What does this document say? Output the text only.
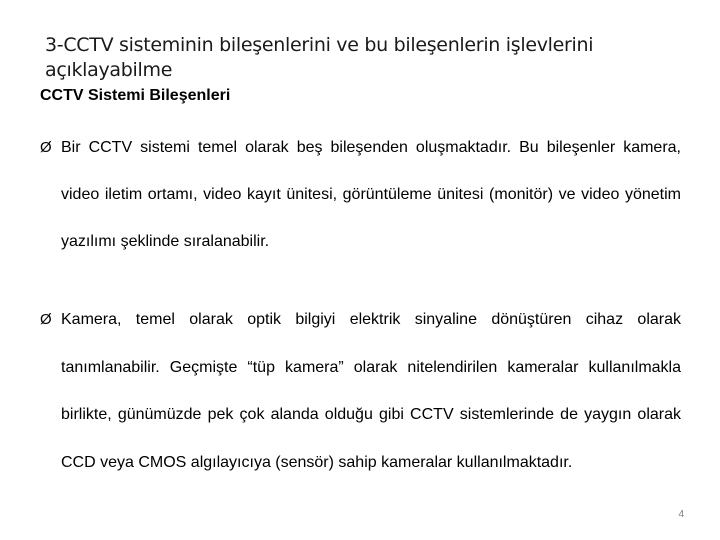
3-CCTV sisteminin bileşenlerini ve bu bileşenlerin işlevlerini açıklayabilme
CCTV Sistemi Bileşenleri
Ø Bir CCTV sistemi temel olarak beş bileşenden oluşmaktadır. Bu bileşenler kamera, video iletim ortamı, video kayıt ünitesi, görüntüleme ünitesi (monitör) ve video yönetim yazılımı şeklinde sıralanabilir.
Ø Kamera, temel olarak optik bilgiyi elektrik sinyaline dönüştüren cihaz olarak tanımlanabilir. Geçmişte “tüp kamera” olarak nitelendirilen kameralar kullanılmakla birlikte, günümüzde pek çok alanda olduğu gibi CCTV sistemlerinde de yaygın olarak CCD veya CMOS algılayıcıya (sensör) sahip kameralar kullanılmaktadır.
4
